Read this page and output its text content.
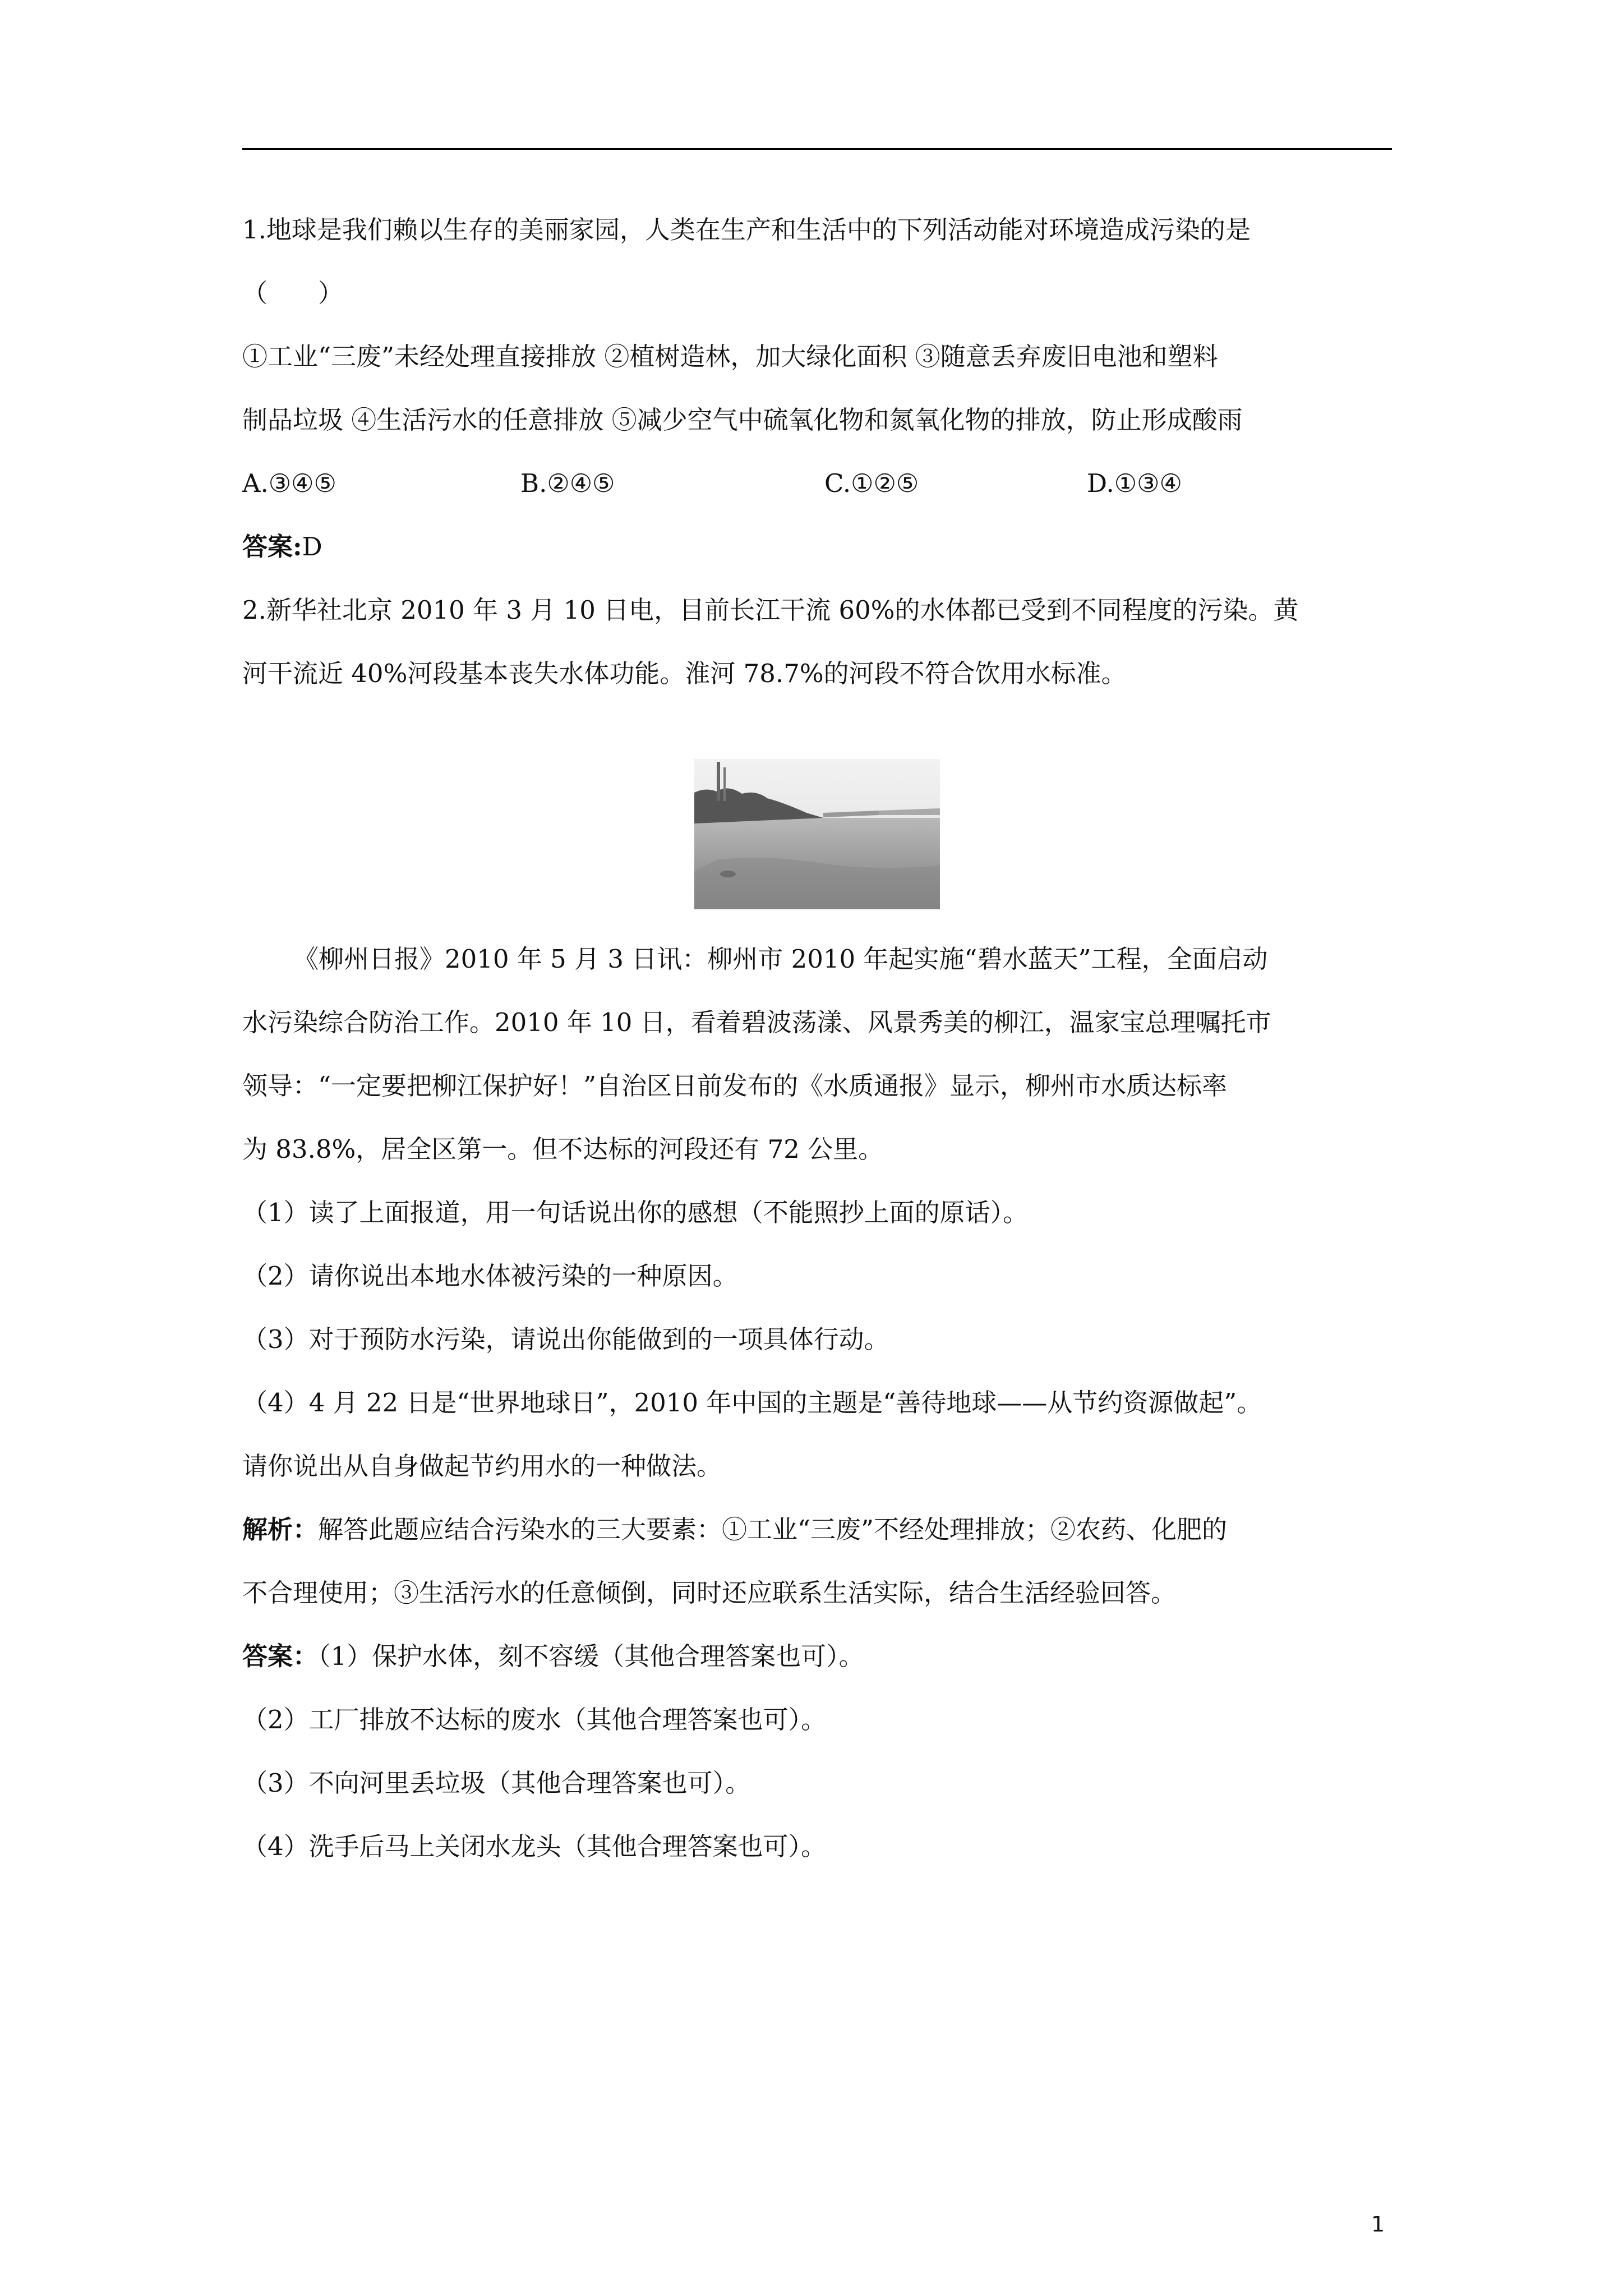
1.地球是我们赖以生存的美丽家园，人类在生产和生活中的下列活动能对环境造成污染的是
（　　）
①工业“三废”未经处理直接排放 ②植树造林，加大绿化面积 ③随意丢弃废旧电池和塑料
制品垃圾 ④生活污水的任意排放 ⑤减少空气中硫氧化物和氮氧化物的排放，防止形成酸雨
A.③④⑤	B.②④⑤	C.①②⑤	D.①③④
答案:D
2.新华社北京 2010 年 3 月 10 日电，目前长江干流 60%的水体都已受到不同程度的污染。黄
河干流近 40%河段基本丧失水体功能。淮河 78.7%的河段不符合饮用水标准。
《柳州日报》2010 年 5 月 3 日讯：柳州市 2010 年起实施“碧水蓝天”工程，全面启动
水污染综合防治工作。2010 年 10 日，看着碧波荡漾、风景秀美的柳江，温家宝总理嘱托市
领导：“一定要把柳江保护好！”自治区日前发布的《水质通报》显示，柳州市水质达标率
为 83.8%，居全区第一。但不达标的河段还有 72 公里。
（1）读了上面报道，用一句话说出你的感想（不能照抄上面的原话）。
（2）请你说出本地水体被污染的一种原因。
（3）对于预防水污染，请说出你能做到的一项具体行动。
（4）4 月 22 日是“世界地球日”，2010 年中国的主题是“善待地球——从节约资源做起”。
请你说出从自身做起节约用水的一种做法。
解析：解答此题应结合污染水的三大要素：①工业“三废”不经处理排放；②农药、化肥的
不合理使用；③生活污水的任意倾倒，同时还应联系生活实际，结合生活经验回答。
答案：（1）保护水体，刻不容缓（其他合理答案也可）。
（2）工厂排放不达标的废水（其他合理答案也可）。
（3）不向河里丢垃圾（其他合理答案也可）。
（4）洗手后马上关闭水龙头（其他合理答案也可）。
1
